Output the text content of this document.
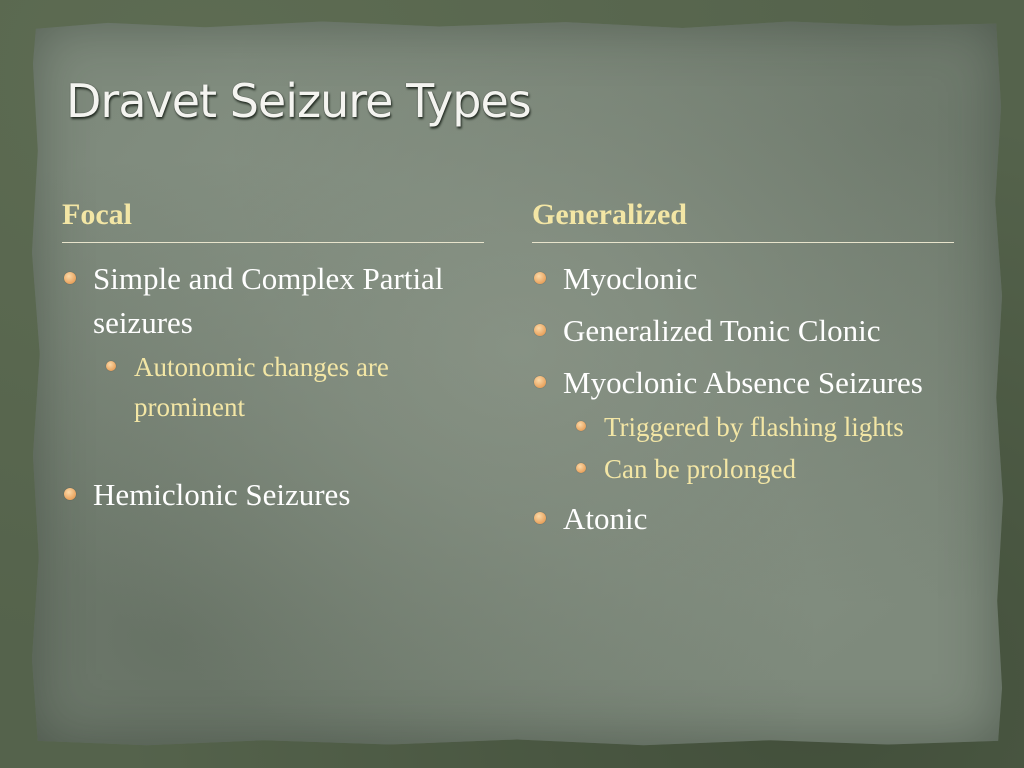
Dravet Seizure Types
Focal
Simple and Complex Partial seizures
Autonomic changes are prominent
Hemiclonic Seizures
Generalized
Myoclonic
Generalized Tonic Clonic
Myoclonic Absence Seizures
Triggered by flashing lights
Can be prolonged
Atonic
